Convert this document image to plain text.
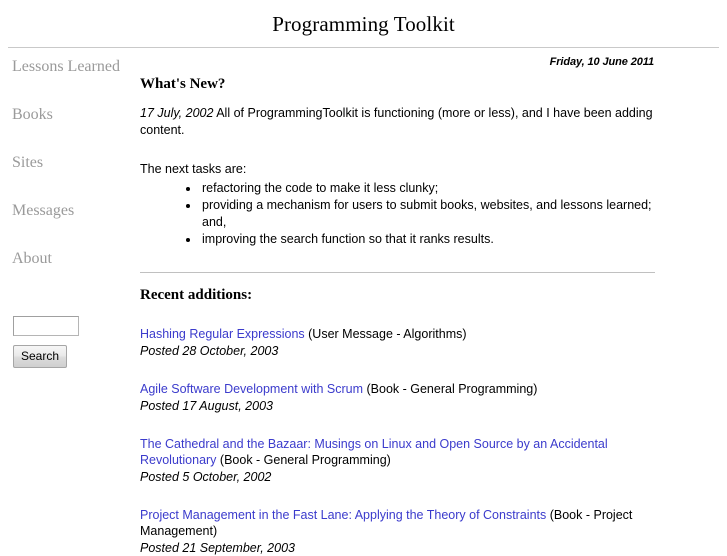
Programming Toolkit
Lessons Learned
Books
Sites
Messages
About
Search
Friday, 10 June 2011
What's New?

17 July, 2002 All of ProgrammingToolkit is functioning (more or less), and I have been adding content.

The next tasks are:

• refactoring the code to make it less clunky;
• providing a mechanism for users to submit books, websites, and lessons learned; and,
• improving the search function so that it ranks results.
Recent additions:
Hashing Regular Expressions (User Message - Algorithms)
Posted 28 October, 2003
Agile Software Development with Scrum (Book - General Programming)
Posted 17 August, 2003
The Cathedral and the Bazaar: Musings on Linux and Open Source by an Accidental Revolutionary (Book - General Programming)
Posted 5 October, 2002
Project Management in the Fast Lane: Applying the Theory of Constraints (Book - Project Management)
Posted 21 September, 2003
